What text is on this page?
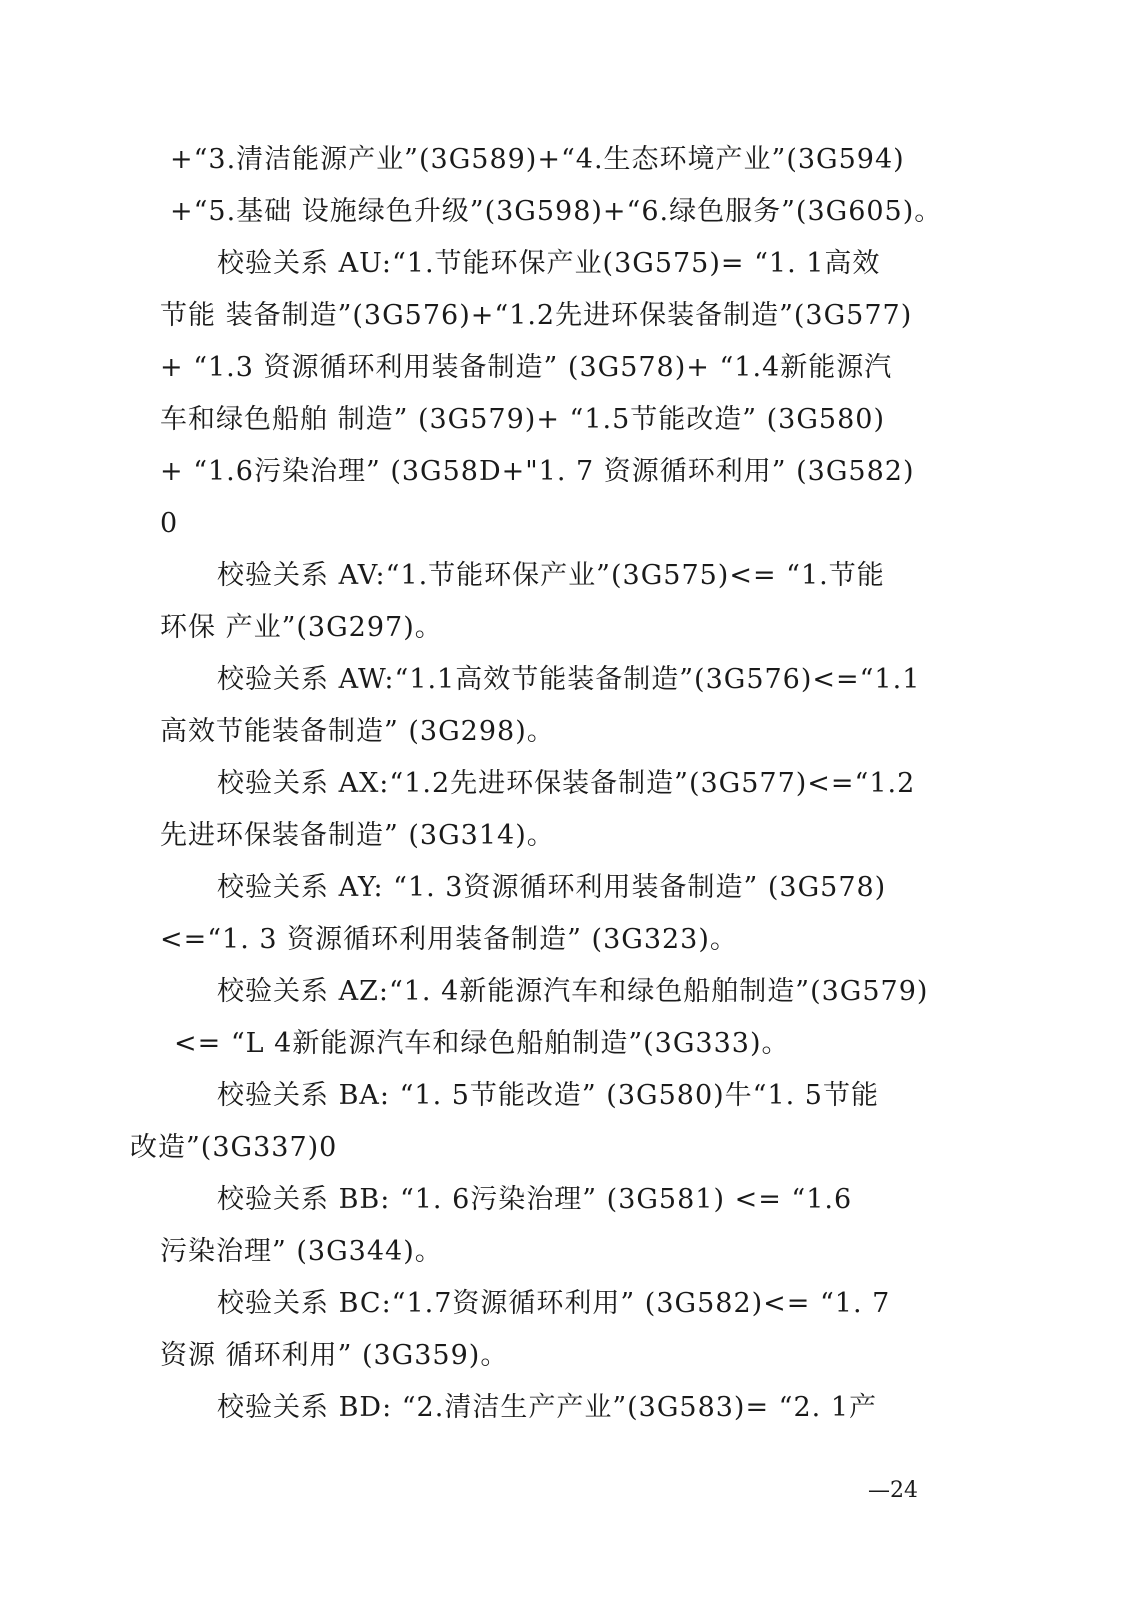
+“3.清洁能源产业”(3G589)+“4.生态环境产业”(3G594)
+“5.基础 设施绿色升级”(3G598)+“6.绿色服务”(3G605)。
校验关系 AU:“1.节能环保产业(3G575)= “1. 1高效
节能 装备制造”(3G576)+“1.2先进环保装备制造”(3G577)
+ “1.3 资源循环利用装备制造” (3G578)+ “1.4新能源汽
车和绿色船舶 制造” (3G579)+ “1.5节能改造” (3G580)
+ “1.6污染治理” (3G58D+"1. 7 资源循环利用” (3G582)
0
校验关系 AV:“1.节能环保产业”(3G575)<= “1.节能
环保 产业”(3G297)。
校验关系 AW:“1.1高效节能装备制造”(3G576)<=“1.1
高效节能装备制造” (3G298)。
校验关系 AX:“1.2先进环保装备制造”(3G577)<=“1.2
先进环保装备制造” (3G314)。
校验关系 AY: “1. 3资源循环利用装备制造” (3G578)
<=“1. 3 资源循环利用装备制造” (3G323)。
校验关系 AZ:“1. 4新能源汽车和绿色船舶制造”(3G579)
<= “L 4新能源汽车和绿色船舶制造”(3G333)。
校验关系 BA: “1. 5节能改造” (3G580)牛“1. 5节能
改造”(3G337)0
校验关系 BB: “1. 6污染治理” (3G581) <= “1.6
污染治理” (3G344)。
校验关系 BC:“1.7资源循环利用” (3G582)<= “1. 7
资源 循环利用” (3G359)。
校验关系 BD: “2.清洁生产产业”(3G583)= “2. 1产
—24
